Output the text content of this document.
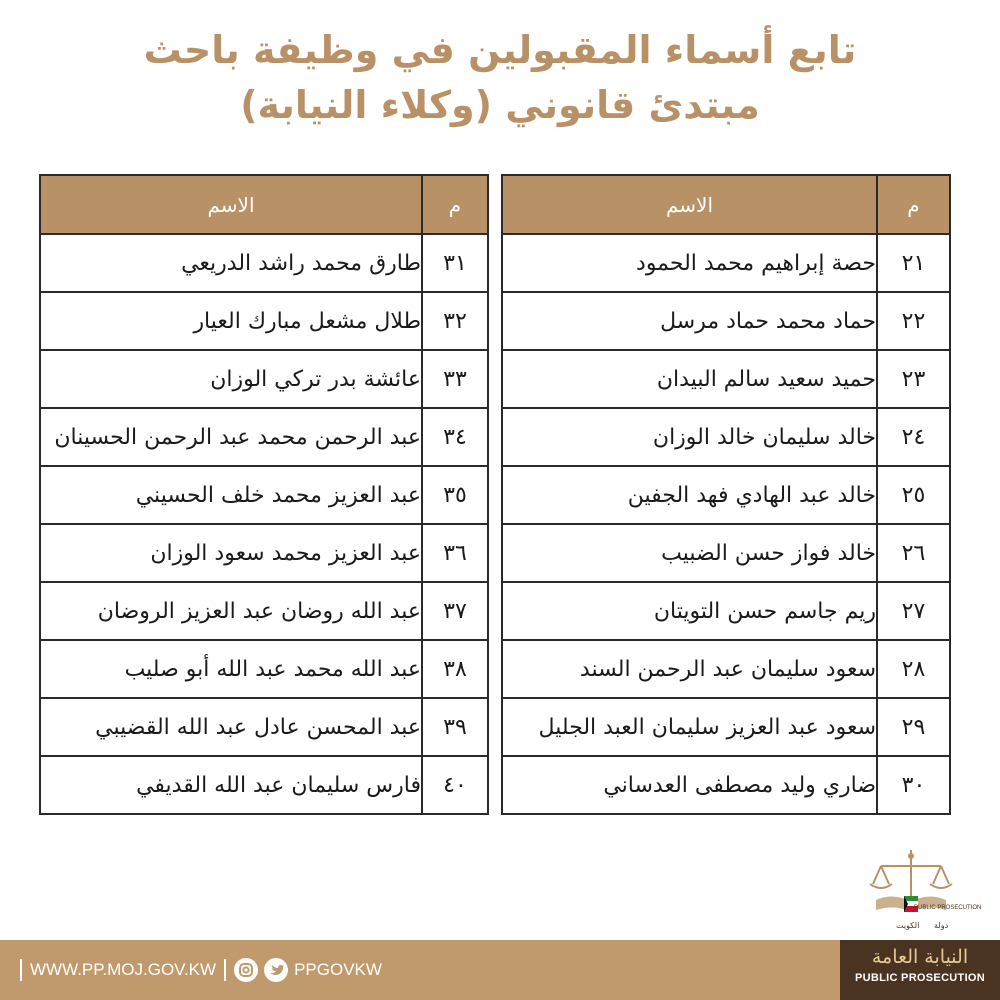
تابع أسماء المقبولين في وظيفة باحث
مبتدئ قانوني (وكلاء النيابة)
م	الاسم
٢١	حصة إبراهيم محمد الحمود
٢٢	حماد محمد حماد مرسل
٢٣	حميد سعيد سالم البيدان
٢٤	خالد سليمان خالد الوزان
٢٥	خالد عبد الهادي فهد الجفين
٢٦	خالد فواز حسن الضبيب
٢٧	ريم جاسم حسن التويتان
٢٨	سعود سليمان عبد الرحمن السند
٢٩	سعود عبد العزيز سليمان العبد الجليل
٣٠	ضاري وليد مصطفى العدساني
م	الاسم
٣١	طارق محمد راشد الدريعي
٣٢	طلال مشعل مبارك العيار
٣٣	عائشة بدر تركي الوزان
٣٤	عبد الرحمن محمد عبد الرحمن الحسينان
٣٥	عبد العزيز محمد خلف الحسيني
٣٦	عبد العزيز محمد سعود الوزان
٣٧	عبد الله روضان عبد العزيز الروضان
٣٨	عبد الله محمد عبد الله أبو صليب
٣٩	عبد المحسن عادل عبد الله القضيبي
٤٠	فارس سليمان عبد الله القديفي
دولة
الكويت
PUBLIC PROSECUTION
WWW.PP.MOJ.GOV.KW	PPGOVKW
النيابة العامة
PUBLIC PROSECUTION
